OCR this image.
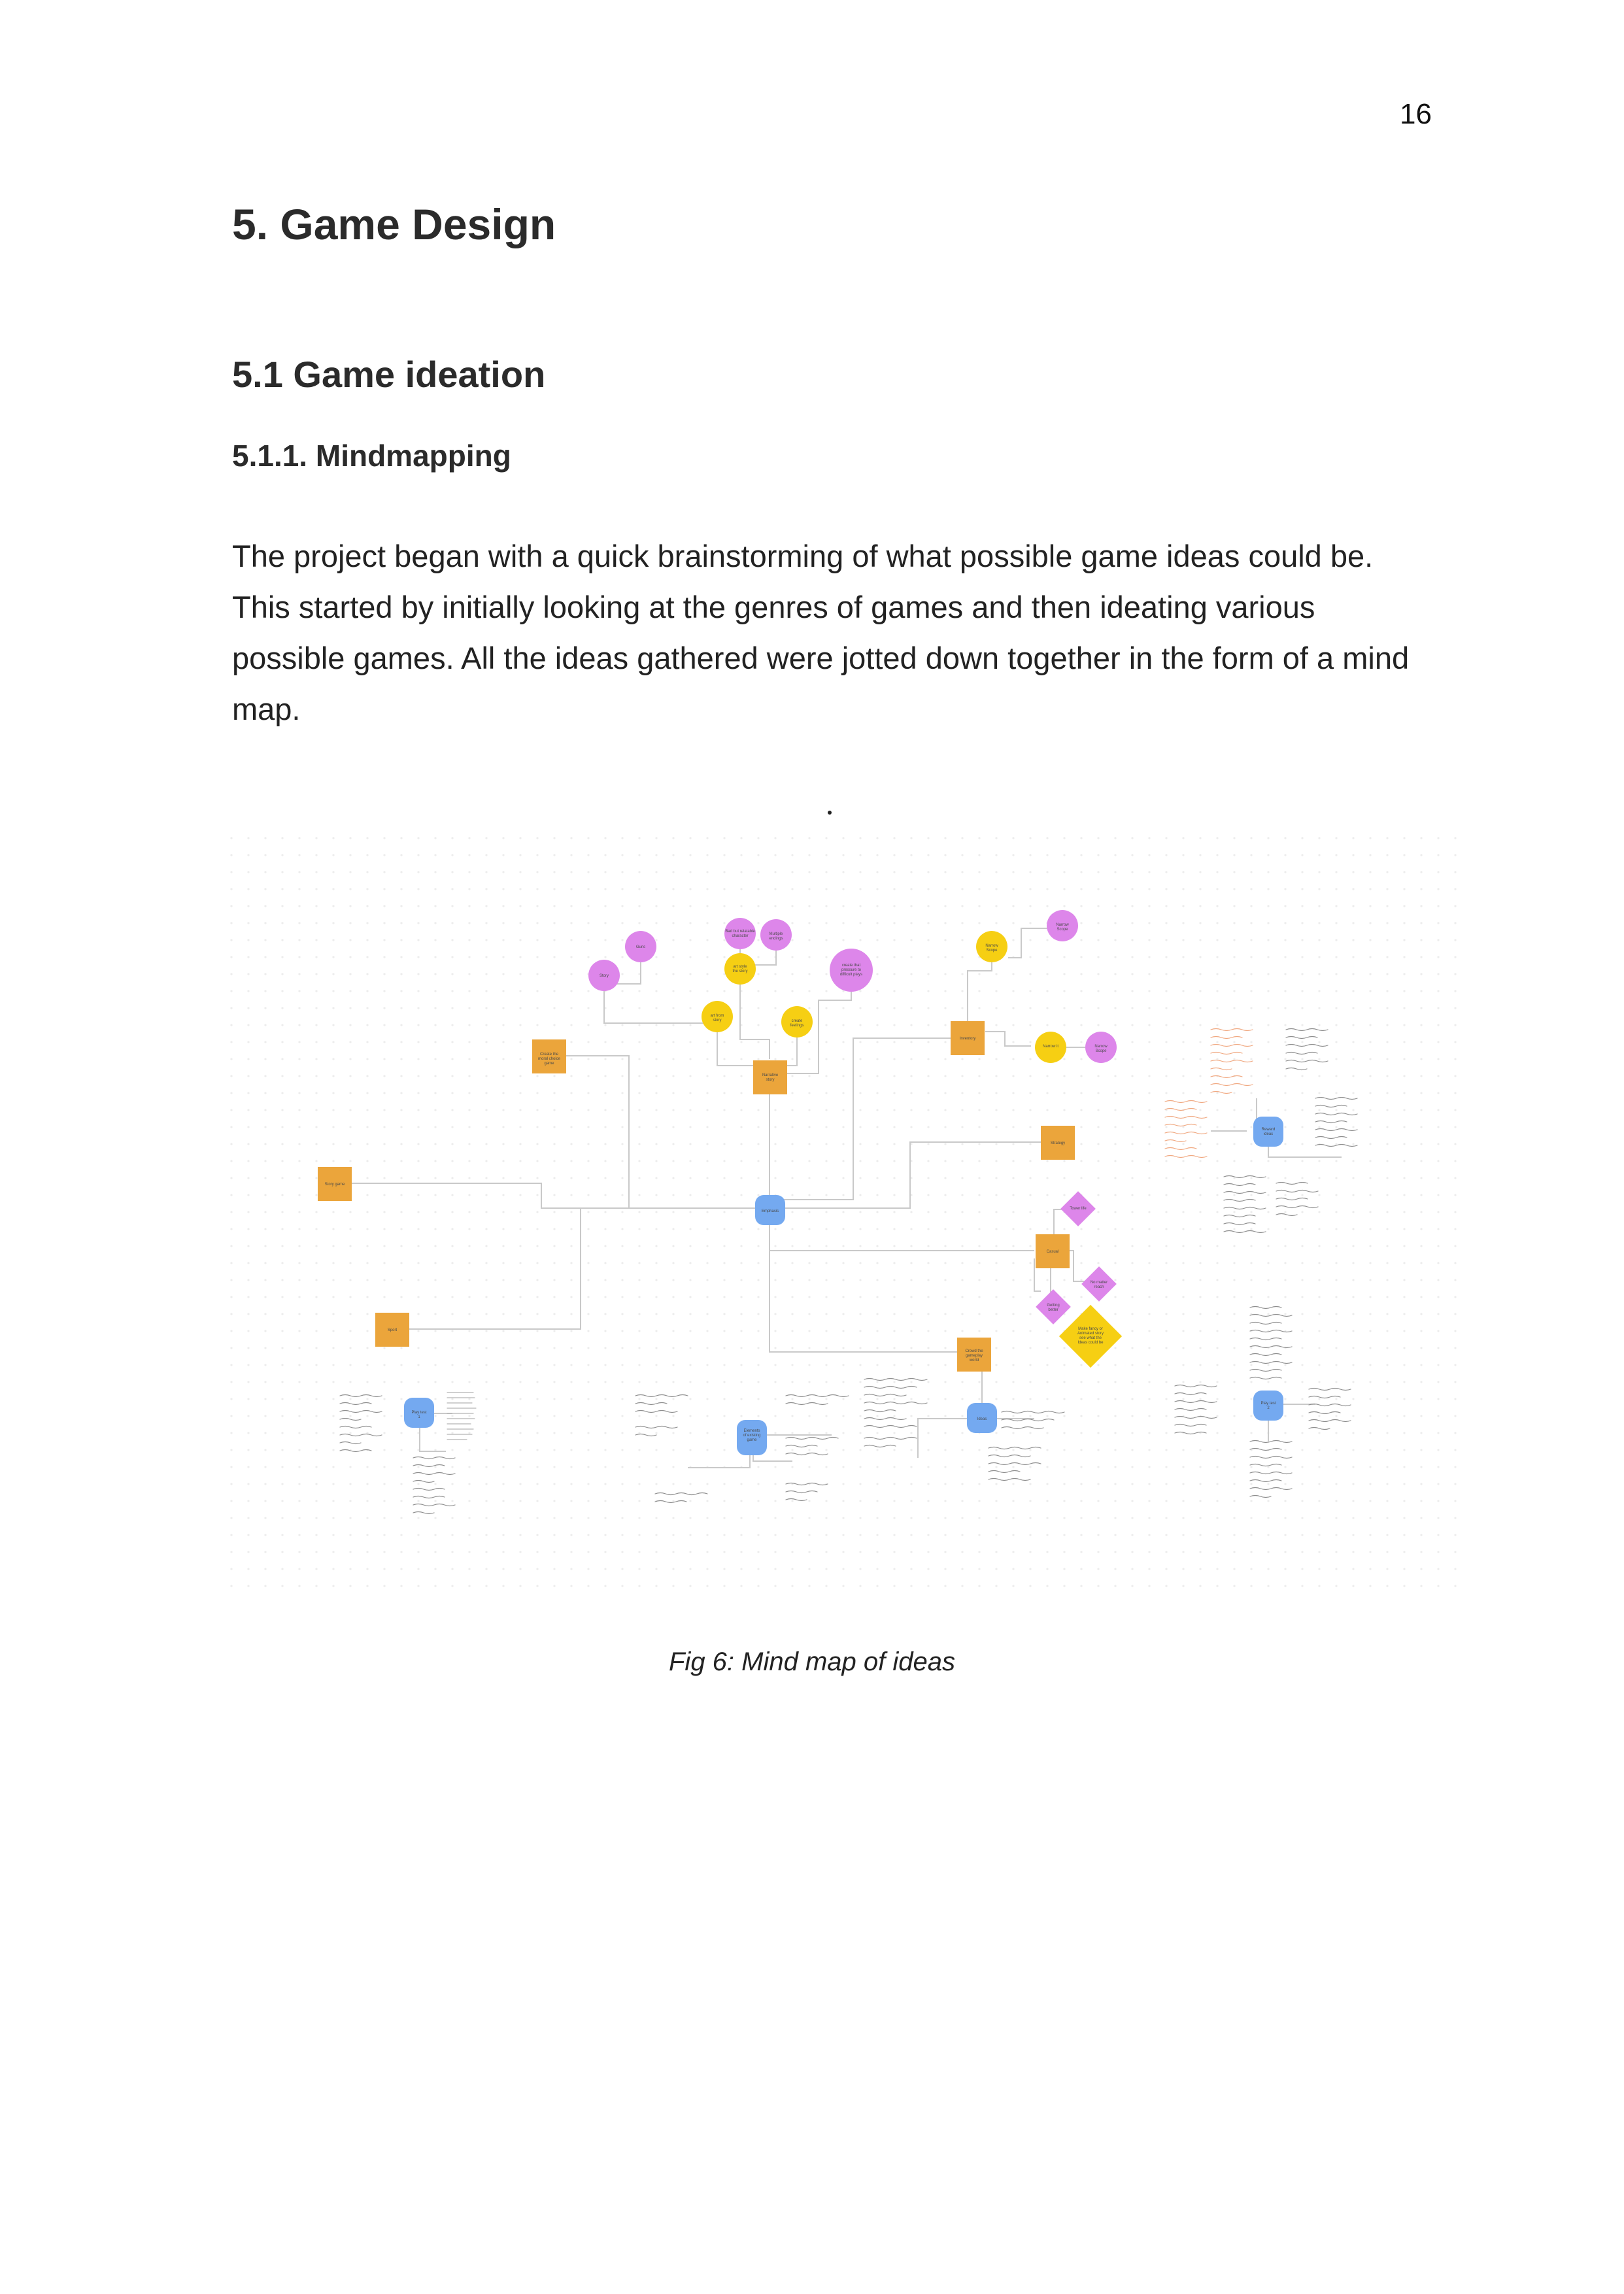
16
5. Game Design
5.1 Game ideation
5.1.1. Mindmapping

The project began with a quick brainstorming of what possible game ideas could be. This started by initially looking at the genres of games and then ideating various possible games. All the ideas gathered were jotted down together in the form of a mind map.

Emphasis
Guns
Story
Bad but relatable
character	Multiple
endings
create that
pressure to
difficult plays
Narrow
Scope
Narrow
Scope
art style
the story
art from
story	create
feelings
Narrow
Scope
Narrow it
Create the
moral choice
game
Narrative
story
Inventory
Story game
Strategy
Casual
Sport
Crowd the
gameplay
world
Reward
ideas
Play test
1
Elements
of existing
game
Ideas
Play test
2
Tower life
No matter
reach
Getting
better
Make fancy or
Animated story
see what the
Ideas could be
Fig 6: Mind map of ideas
